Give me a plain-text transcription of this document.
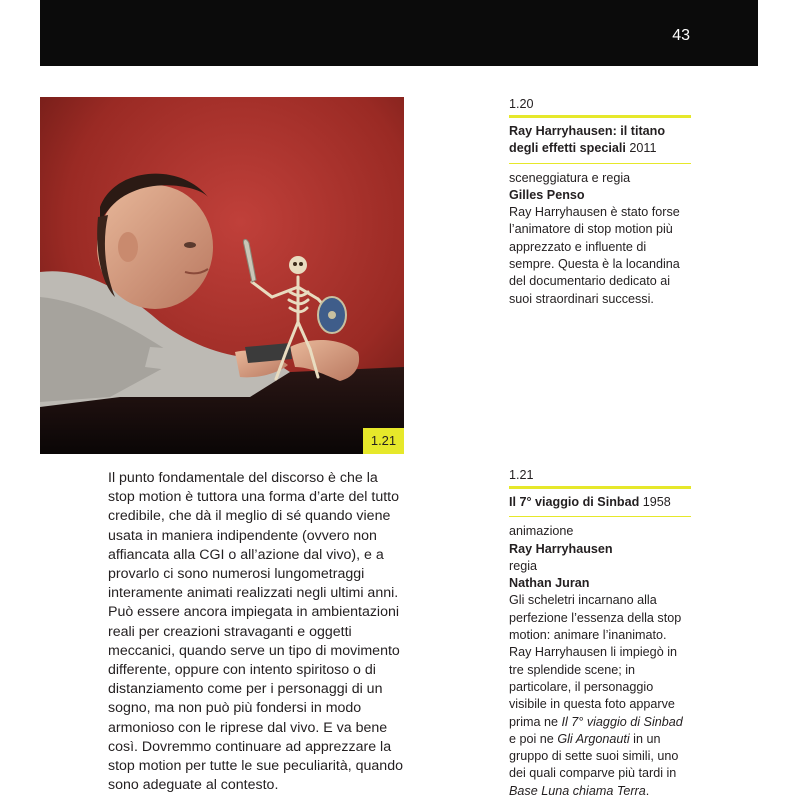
43
1.21

Il punto fondamentale del discorso è che la stop motion è tuttora una forma d’arte del tutto credibile, che dà il meglio di sé quando viene usata in maniera indipendente (ovvero non affiancata alla CGI o all’azione dal vivo), e a provarlo ci sono numerosi lungometraggi interamente animati realizzati negli ultimi anni. Può essere ancora impiegata in ambientazioni reali per creazioni stravaganti e oggetti meccanici, quando serve un tipo di movimento differente, oppure con intento spiritoso o di distanziamento come per i personaggi di un sogno, ma non può più fondersi in modo armonioso con le riprese dal vivo. E va bene così. Dovremmo continuare ad apprezzare la stop motion per tutte le sue peculiarità, quando sono adeguate al contesto.

1.20
Ray Harryhausen: il titano degli effetti speciali 2011
sceneggiatura e regia
Gilles Penso

Ray Harryhausen è stato forse l’animatore di stop motion più apprezzato e influente di sempre. Questa è la locandina del documentario dedicato ai suoi straordinari successi.

1.21
Il 7° viaggio di Sinbad 1958
animazione
Ray Harryhausen
regia
Nathan Juran

Gli scheletri incarnano alla perfezione l’essenza della stop motion: animare l’inanimato. Ray Harryhausen li impiegò in tre splendide scene; in particolare, il personaggio visibile in questa foto apparve prima ne Il 7° viaggio di Sinbad e poi ne Gli Argonauti in un gruppo di sette suoi simili, uno dei quali comparve più tardi in Base Luna chiama Terra.
